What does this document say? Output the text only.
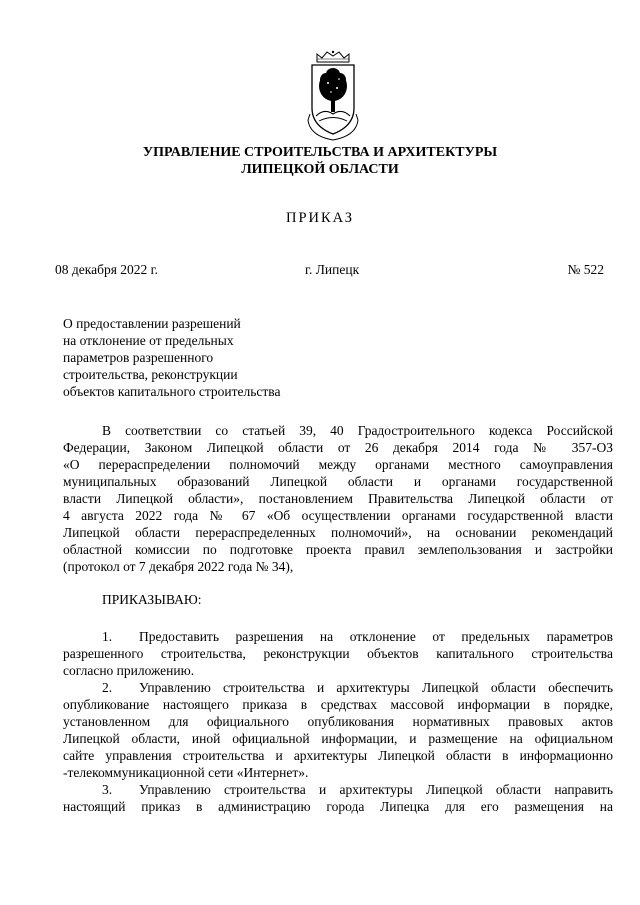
УПРАВЛЕНИЕ СТРОИТЕЛЬСТВА И АРХИТЕКТУРЫ
ЛИПЕЦКОЙ ОБЛАСТИ
ПРИКАЗ
08 декабря 2022 г.	г. Липецк	№ 522
О предоставлении разрешений
на отклонение от предельных
параметров разрешенного
строительства, реконструкции
объектов капитального строительства
В соответствии со статьей 39, 40 Градостроительного кодекса Российской
Федерации, Законом Липецкой области от 26 декабря 2014 года № 357-ОЗ
«О перераспределении полномочий между органами местного самоуправления
муниципальных образований Липецкой области и органами государственной
власти Липецкой области», постановлением Правительства Липецкой области от
4 августа 2022 года № 67 «Об осуществлении органами государственной власти
Липецкой области перераспределенных полномочий», на основании рекомендаций
областной комиссии по подготовке проекта правил землепользования и застройки
(протокол от 7 декабря 2022 года № 34),
ПРИКАЗЫВАЮ:
1. Предоставить разрешения на отклонение от предельных параметров
разрешенного строительства, реконструкции объектов капитального строительства
согласно приложению.
2. Управлению строительства и архитектуры Липецкой области обеспечить
опубликование настоящего приказа в средствах массовой информации в порядке,
установленном для официального опубликования нормативных правовых актов
Липецкой области, иной официальной информации, и размещение на официальном
сайте управления строительства и архитектуры Липецкой области в информационно
-телекоммуникационной сети «Интернет».
3. Управлению строительства и архитектуры Липецкой области направить
настоящий приказ в администрацию города Липецка для его размещения на
